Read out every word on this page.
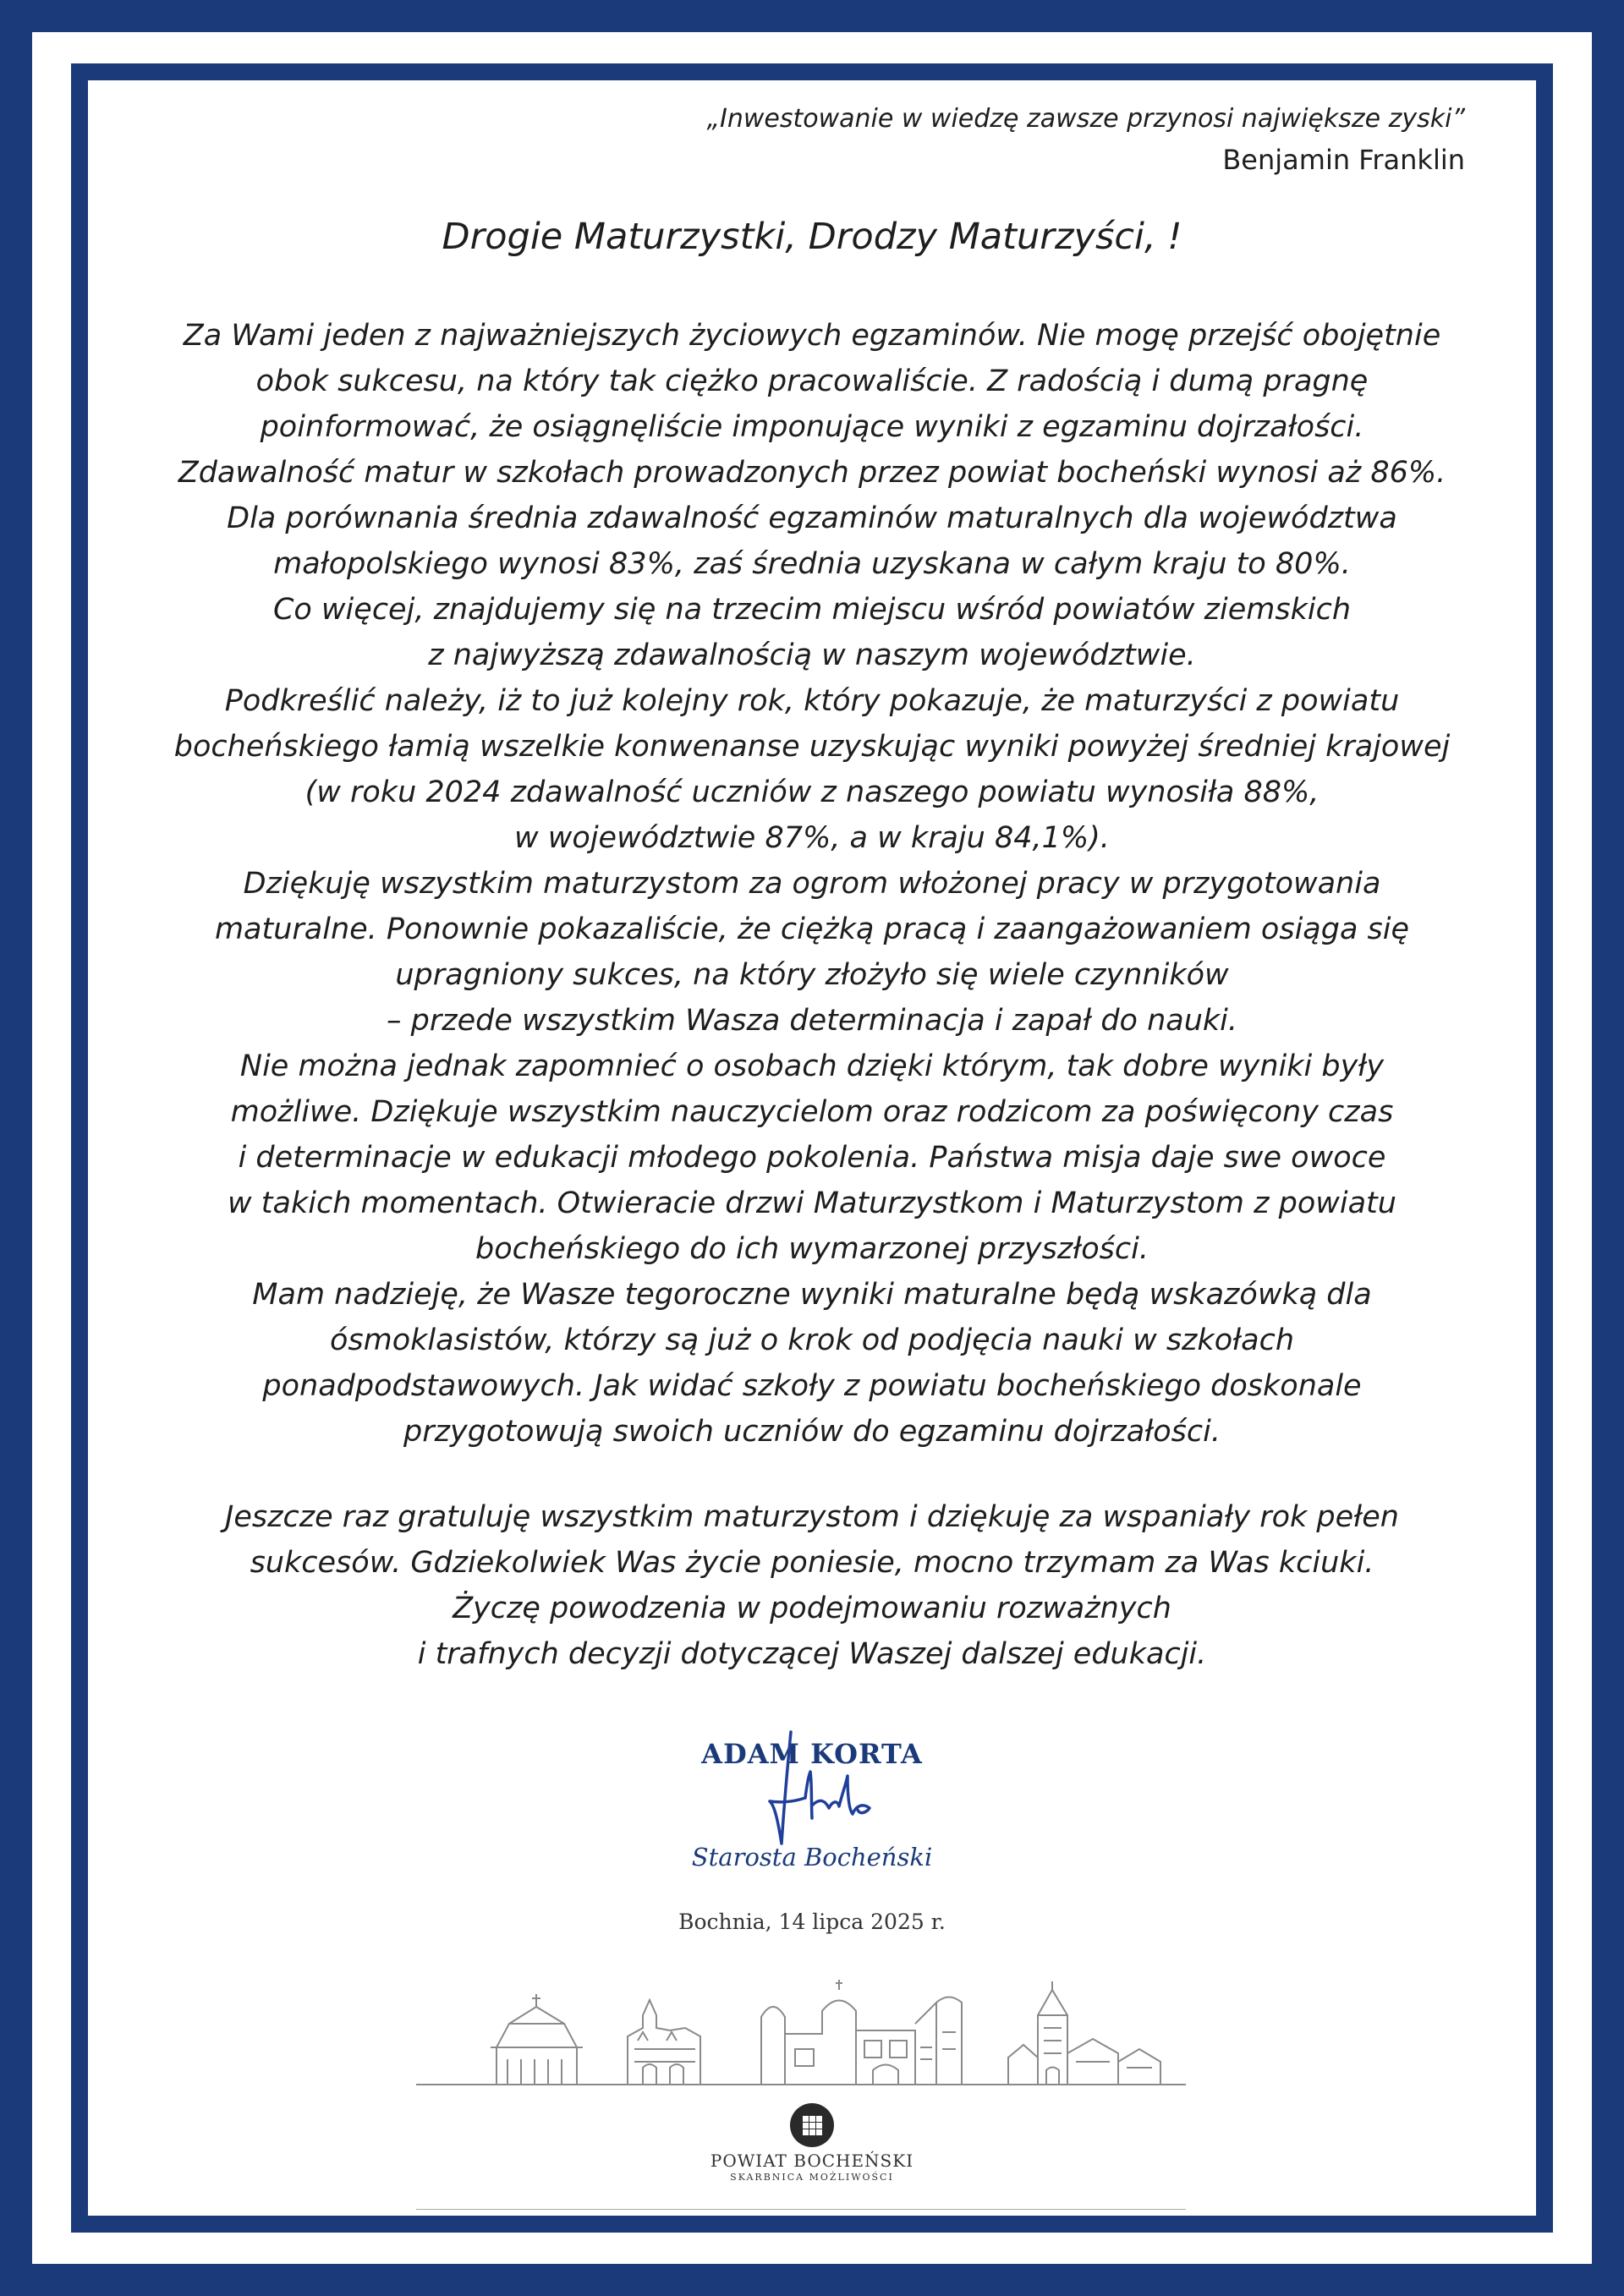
„Inwestowanie w wiedzę zawsze przynosi największe zyski”
Benjamin Franklin
Drogie Maturzystki, Drodzy Maturzyści, !

Za Wami jeden z najważniejszych życiowych egzaminów. Nie mogę przejść obojętnie

obok sukcesu, na który tak ciężko pracowaliście. Z radością i dumą pragnę

poinformować, że osiągnęliście imponujące wyniki z egzaminu dojrzałości.

Zdawalność matur w szkołach prowadzonych przez powiat bocheński wynosi aż 86%.

Dla porównania średnia zdawalność egzaminów maturalnych dla województwa

małopolskiego wynosi 83%, zaś średnia uzyskana w całym kraju to 80%.

Co więcej, znajdujemy się na trzecim miejscu wśród powiatów ziemskich

z najwyższą zdawalnością w naszym województwie.

Podkreślić należy, iż to już kolejny rok, który pokazuje, że maturzyści z powiatu

bocheńskiego łamią wszelkie konwenanse uzyskując wyniki powyżej średniej krajowej

(w roku 2024 zdawalność uczniów z naszego powiatu wynosiła 88%,

w województwie 87%, a w kraju 84,1%).

Dziękuję wszystkim maturzystom za ogrom włożonej pracy w przygotowania

maturalne. Ponownie pokazaliście, że ciężką pracą i zaangażowaniem osiąga się

upragniony sukces, na który złożyło się wiele czynników

– przede wszystkim Wasza determinacja i zapał do nauki.

Nie można jednak zapomnieć o osobach dzięki którym, tak dobre wyniki były

możliwe. Dziękuje wszystkim nauczycielom oraz rodzicom za poświęcony czas

i determinacje w edukacji młodego pokolenia. Państwa misja daje swe owoce

w takich momentach. Otwieracie drzwi Maturzystkom i Maturzystom z powiatu

bocheńskiego do ich wymarzonej przyszłości.

Mam nadzieję, że Wasze tegoroczne wyniki maturalne będą wskazówką dla

ósmoklasistów, którzy są już o krok od podjęcia nauki w szkołach

ponadpodstawowych. Jak widać szkoły z powiatu bocheńskiego doskonale

przygotowują swoich uczniów do egzaminu dojrzałości.

Jeszcze raz gratuluję wszystkim maturzystom i dziękuję za wspaniały rok pełen

sukcesów. Gdziekolwiek Was życie poniesie, mocno trzymam za Was kciuki.

Życzę powodzenia w podejmowaniu rozważnych

i trafnych decyzji dotyczącej Waszej dalszej edukacji.

ADAM KORTA
Starosta Bocheński
Bochnia, 14 lipca 2025 r.
POWIAT BOCHEŃSKI
SKARBNICA MOŻLIWOŚCI
